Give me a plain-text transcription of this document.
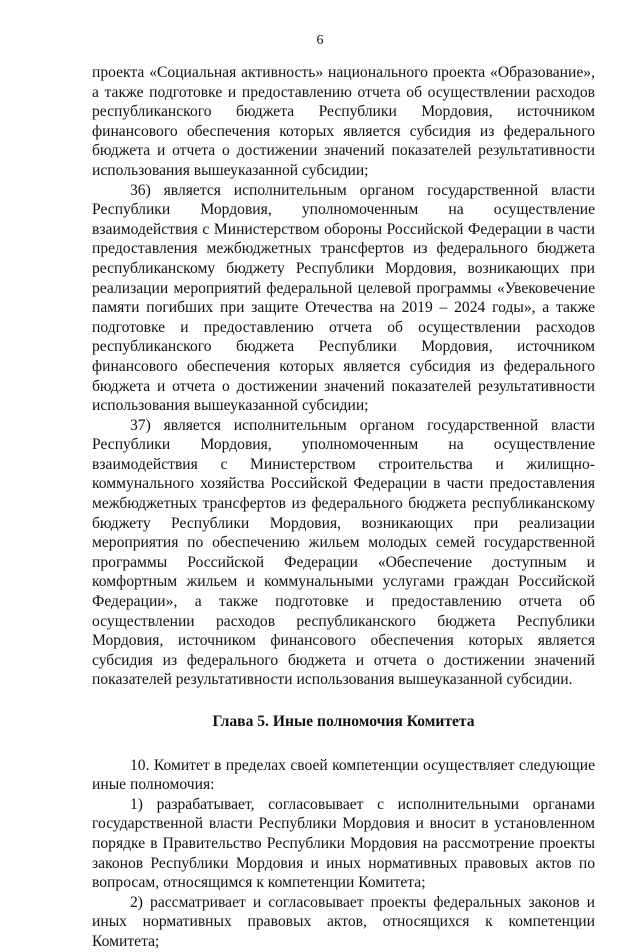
6

проекта «Социальная активность» национального проекта «Образование», а также подготовке и предоставлению отчета об осуществлении расходов республиканского бюджета Республики Мордовия, источником финансового обеспечения которых является субсидия из федерального бюджета и отчета о достижении значений показателей результативности использования вышеуказанной субсидии;

36) является исполнительным органом государственной власти Республики Мордовия, уполномоченным на осуществление взаимодействия с Министерством обороны Российской Федерации в части предоставления межбюджетных трансфертов из федерального бюджета республиканскому бюджету Республики Мордовия, возникающих при реализации мероприятий федеральной целевой программы «Увековечение памяти погибших при защите Отечества на 2019 – 2024 годы», а также подготовке и предоставлению отчета об осуществлении расходов республиканского бюджета Республики Мордовия, источником финансового обеспечения которых является субсидия из федерального бюджета и отчета о достижении значений показателей результативности использования вышеуказанной субсидии;

37) является исполнительным органом государственной власти Республики Мордовия, уполномоченным на осуществление взаимодействия с Министерством строительства и жилищно-коммунального хозяйства Российской Федерации в части предоставления межбюджетных трансфертов из федерального бюджета республиканскому бюджету Республики Мордовия, возникающих при реализации мероприятия по обеспечению жильем молодых семей государственной программы Российской Федерации «Обеспечение доступным и комфортным жильем и коммунальными услугами граждан Российской Федерации», а также подготовке и предоставлению отчета об осуществлении расходов республиканского бюджета Республики Мордовия, источником финансового обеспечения которых является субсидия из федерального бюджета и отчета о достижении значений показателей результативности использования вышеуказанной субсидии.

Глава 5. Иные полномочия Комитета

10. Комитет в пределах своей компетенции осуществляет следующие иные полномочия:

1) разрабатывает, согласовывает с исполнительными органами государственной власти Республики Мордовия и вносит в установленном порядке в Правительство Республики Мордовия на рассмотрение проекты законов Республики Мордовия и иных нормативных правовых актов по вопросам, относящимся к компетенции Комитета;

2) рассматривает и согласовывает проекты федеральных законов и иных нормативных правовых актов, относящихся к компетенции Комитета;
